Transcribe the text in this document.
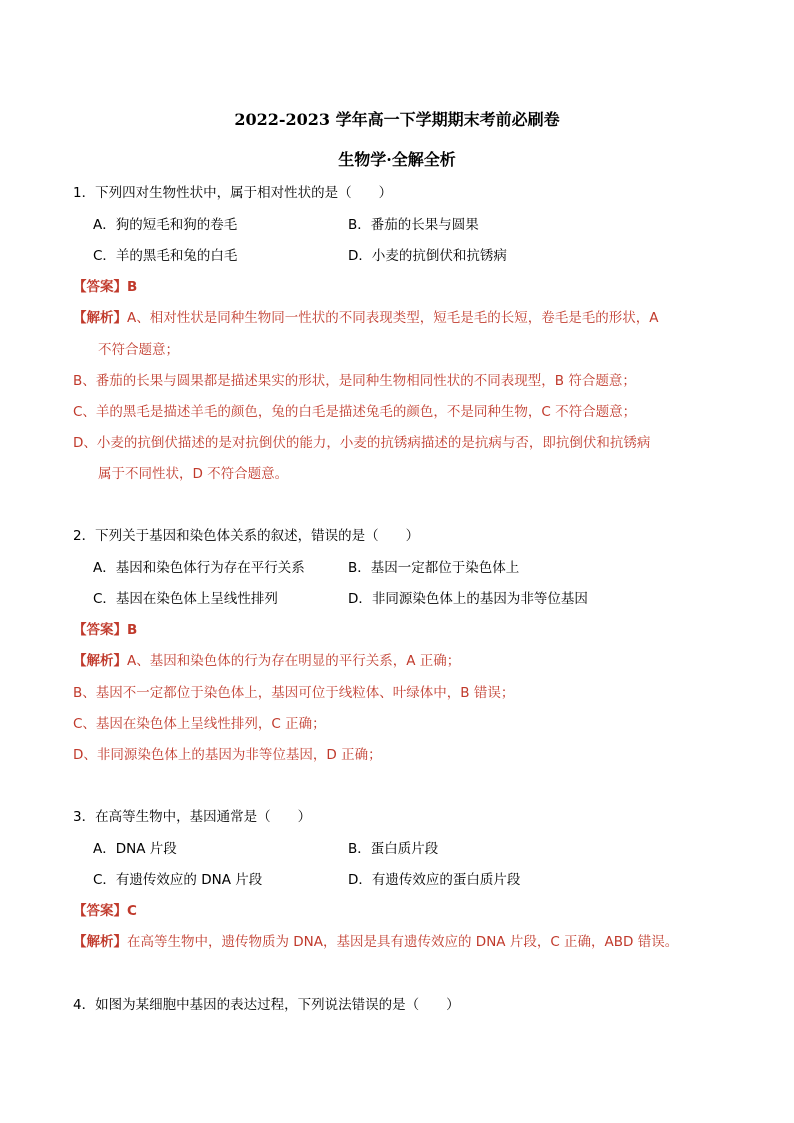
2022-2023 学年高一下学期期末考前必刷卷
生物学·全解全析
1．下列四对生物性状中，属于相对性状的是（　　）
A．狗的短毛和狗的卷毛	B．番茄的长果与圆果
C．羊的黑毛和兔的白毛	D．小麦的抗倒伏和抗锈病
【答案】B
【解析】A、相对性状是同种生物同一性状的不同表现类型，短毛是毛的长短，卷毛是毛的形状，A
不符合题意；
B、番茄的长果与圆果都是描述果实的形状，是同种生物相同性状的不同表现型，B 符合题意；
C、羊的黑毛是描述羊毛的颜色，兔的白毛是描述兔毛的颜色，不是同种生物，C 不符合题意；
D、小麦的抗倒伏描述的是对抗倒伏的能力，小麦的抗锈病描述的是抗病与否，即抗倒伏和抗锈病
属于不同性状，D 不符合题意。
2．下列关于基因和染色体关系的叙述，错误的是（　　）
A．基因和染色体行为存在平行关系	B．基因一定都位于染色体上
C．基因在染色体上呈线性排列	D．非同源染色体上的基因为非等位基因
【答案】B
【解析】A、基因和染色体的行为存在明显的平行关系，A 正确；
B、基因不一定都位于染色体上，基因可位于线粒体、叶绿体中，B 错误；
C、基因在染色体上呈线性排列，C 正确；
D、非同源染色体上的基因为非等位基因，D 正确；
3．在高等生物中，基因通常是（　　）
A．DNA 片段	B．蛋白质片段
C．有遗传效应的 DNA 片段	D．有遗传效应的蛋白质片段
【答案】C
【解析】在高等生物中，遗传物质为 DNA，基因是具有遗传效应的 DNA 片段，C 正确，ABD 错误。
4．如图为某细胞中基因的表达过程，下列说法错误的是（　　）
